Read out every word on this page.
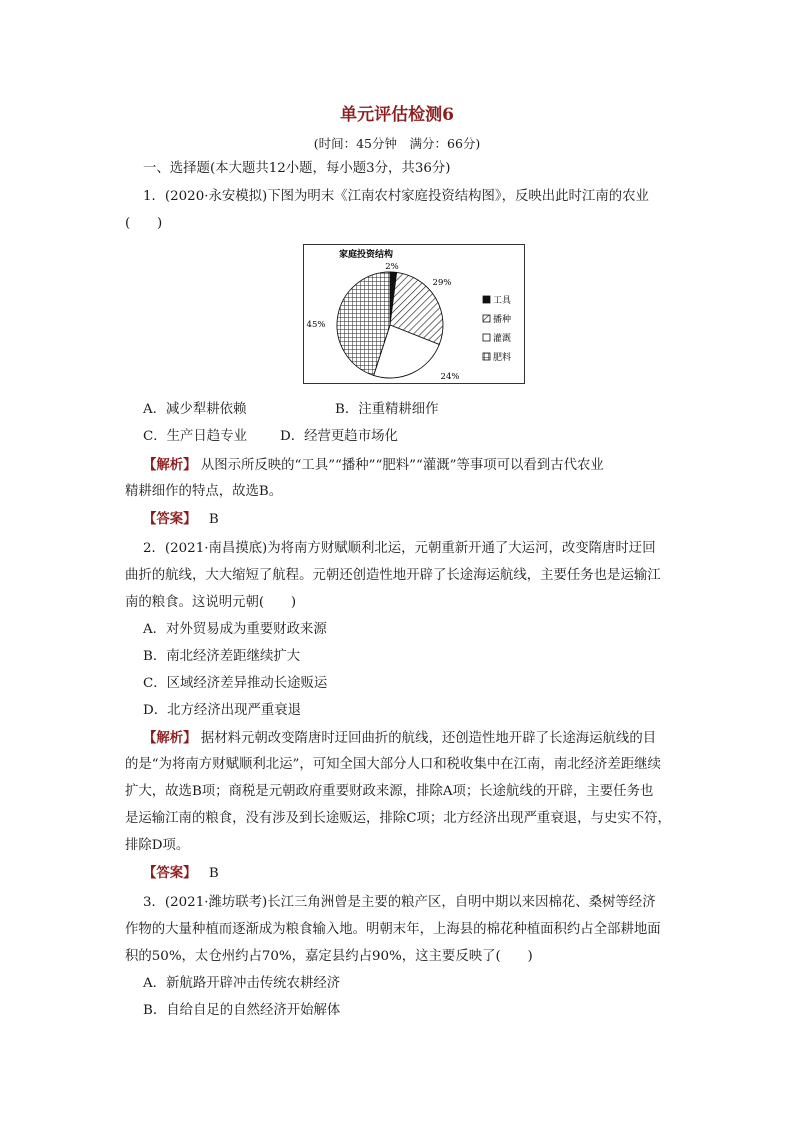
单元评估检测6
(时间：45分钟　满分：66分)
一、选择题(本大题共12小题，每小题3分，共36分)
1．(2020·永安模拟)下图为明末《江南农村家庭投资结构图》，反映出此时江南的农业
(　　)
家庭投资结构
2%
29%
24%
45%
工具
播种
灌溉
肥料
A．减少犁耕依赖	B．注重精耕细作
C．生产日趋专业 D．经营更趋市场化
【解析】 从图示所反映的“工具”“播种”“肥料”“灌溉”等事项可以看到古代农业
精耕细作的特点，故选B。
【答案】 B
2．(2021·南昌摸底)为将南方财赋顺利北运，元朝重新开通了大运河，改变隋唐时迂回
曲折的航线，大大缩短了航程。元朝还创造性地开辟了长途海运航线，主要任务也是运输江
南的粮食。这说明元朝(　　)
A．对外贸易成为重要财政来源
B．南北经济差距继续扩大
C．区域经济差异推动长途贩运
D．北方经济出现严重衰退
【解析】 据材料元朝改变隋唐时迂回曲折的航线，还创造性地开辟了长途海运航线的目
的是“为将南方财赋顺利北运”，可知全国大部分人口和税收集中在江南，南北经济差距继续
扩大，故选B项；商税是元朝政府重要财政来源，排除A项；长途航线的开辟，主要任务也
是运输江南的粮食，没有涉及到长途贩运，排除C项；北方经济出现严重衰退，与史实不符，
排除D项。
【答案】 B
3．(2021·潍坊联考)长江三角洲曾是主要的粮产区，自明中期以来因棉花、桑树等经济
作物的大量种植而逐渐成为粮食输入地。明朝末年，上海县的棉花种植面积约占全部耕地面
积的50%，太仓州约占70%，嘉定县约占90%，这主要反映了(　　)
A．新航路开辟冲击传统农耕经济
B．自给自足的自然经济开始解体
